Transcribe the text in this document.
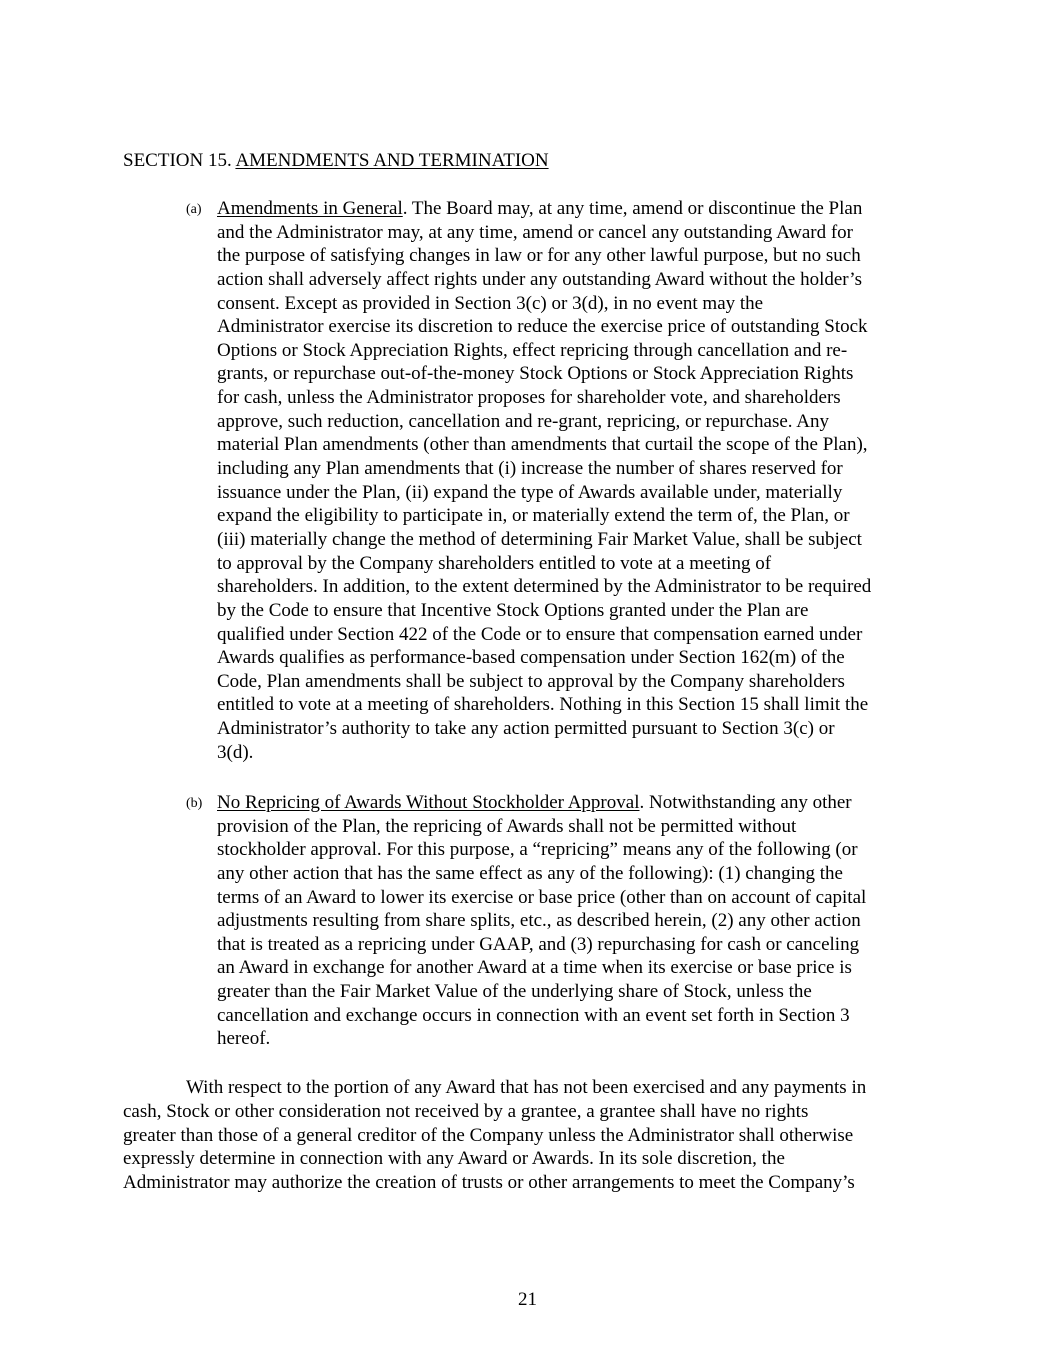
SECTION 15. AMENDMENTS AND TERMINATION
(a) Amendments in General. The Board may, at any time, amend or discontinue the Plan
and the Administrator may, at any time, amend or cancel any outstanding Award for
the purpose of satisfying changes in law or for any other lawful purpose, but no such
action shall adversely affect rights under any outstanding Award without the holder’s
consent. Except as provided in Section 3(c) or 3(d), in no event may the
Administrator exercise its discretion to reduce the exercise price of outstanding Stock
Options or Stock Appreciation Rights, effect repricing through cancellation and re-
grants, or repurchase out-of-the-money Stock Options or Stock Appreciation Rights
for cash, unless the Administrator proposes for shareholder vote, and shareholders
approve, such reduction, cancellation and re-grant, repricing, or repurchase. Any
material Plan amendments (other than amendments that curtail the scope of the Plan),
including any Plan amendments that (i) increase the number of shares reserved for
issuance under the Plan, (ii) expand the type of Awards available under, materially
expand the eligibility to participate in, or materially extend the term of, the Plan, or
(iii) materially change the method of determining Fair Market Value, shall be subject
to approval by the Company shareholders entitled to vote at a meeting of
shareholders. In addition, to the extent determined by the Administrator to be required
by the Code to ensure that Incentive Stock Options granted under the Plan are
qualified under Section 422 of the Code or to ensure that compensation earned under
Awards qualifies as performance-based compensation under Section 162(m) of the
Code, Plan amendments shall be subject to approval by the Company shareholders
entitled to vote at a meeting of shareholders. Nothing in this Section 15 shall limit the
Administrator’s authority to take any action permitted pursuant to Section 3(c) or
3(d).
(b) No Repricing of Awards Without Stockholder Approval. Notwithstanding any other
provision of the Plan, the repricing of Awards shall not be permitted without
stockholder approval. For this purpose, a “repricing” means any of the following (or
any other action that has the same effect as any of the following): (1) changing the
terms of an Award to lower its exercise or base price (other than on account of capital
adjustments resulting from share splits, etc., as described herein, (2) any other action
that is treated as a repricing under GAAP, and (3) repurchasing for cash or canceling
an Award in exchange for another Award at a time when its exercise or base price is
greater than the Fair Market Value of the underlying share of Stock, unless the
cancellation and exchange occurs in connection with an event set forth in Section 3
hereof.
With respect to the portion of any Award that has not been exercised and any payments in
cash, Stock or other consideration not received by a grantee, a grantee shall have no rights
greater than those of a general creditor of the Company unless the Administrator shall otherwise
expressly determine in connection with any Award or Awards. In its sole discretion, the
Administrator may authorize the creation of trusts or other arrangements to meet the Company’s
21
